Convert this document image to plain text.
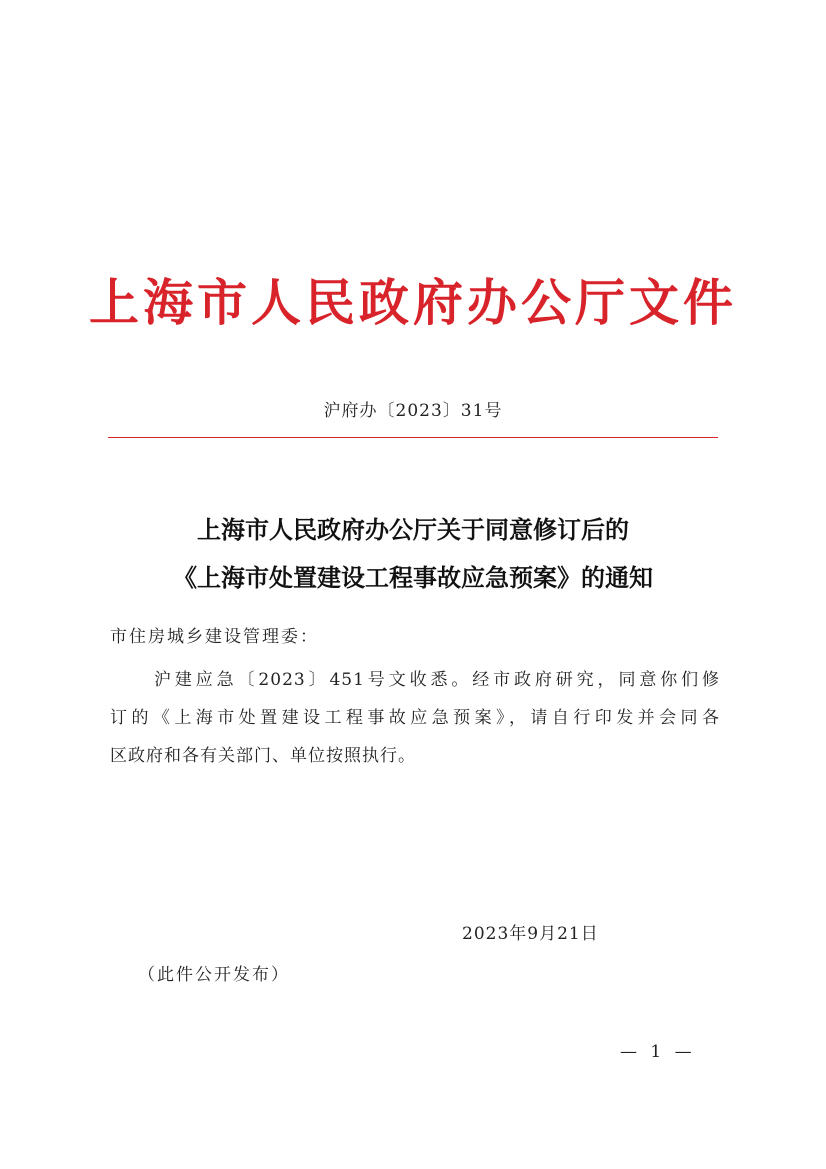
上海市人民政府办公厅文件
沪府办〔2023〕31号
上海市人民政府办公厅关于同意修订后的
《上海市处置建设工程事故应急预案》的通知
市住房城乡建设管理委：
沪建应急〔2023〕451号文收悉。经市政府研究，同意你们修
订的《上海市处置建设工程事故应急预案》，请自行印发并会同各
区政府和各有关部门、单位按照执行。
2023年9月21日
（此件公开发布）
— 1 —
